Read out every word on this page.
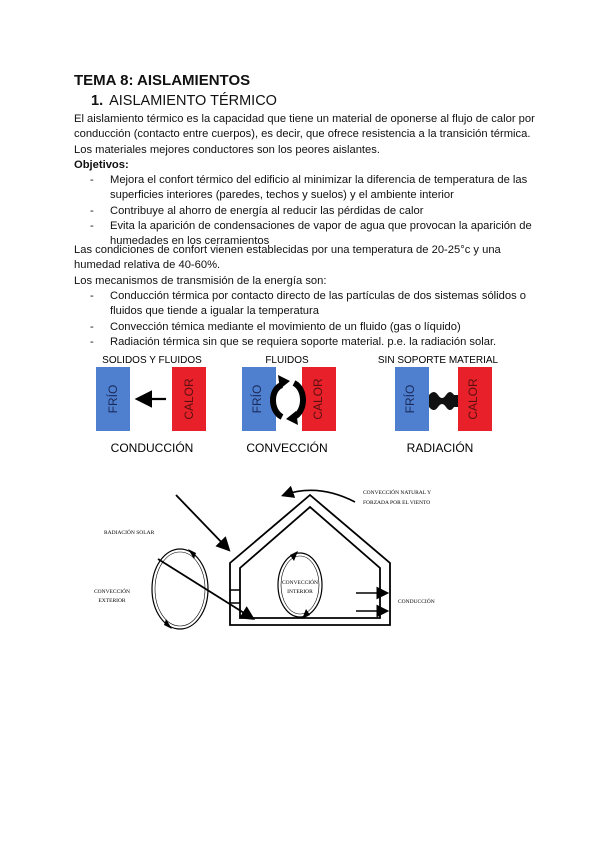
TEMA 8: AISLAMIENTOS
1. AISLAMIENTO TÉRMICO
El aislamiento térmico es la capacidad que tiene un material de oponerse al flujo de calor por conducción (contacto entre cuerpos), es decir, que ofrece resistencia a la transición térmica. Los materiales mejores conductores son los peores aislantes.
Objetivos:
- Mejora el confort térmico del edificio al minimizar la diferencia de temperatura de las superficies interiores (paredes, techos y suelos) y el ambiente interior
- Contribuye al ahorro de energía al reducir las pérdidas de calor
- Evita la aparición de condensaciones de vapor de agua que provocan la aparición de humedades en los cerramientos
Las condiciones de confort vienen establecidas por una temperatura de 20-25°c y una humedad relativa de 40-60%.
Los mecanismos de transmisión de la energía son:
- Conducción térmica por contacto directo de las partículas de dos sistemas sólidos o fluidos que tiende a igualar la temperatura
- Convección témica mediante el movimiento de un fluido (gas o líquido)
- Radiación térmica sin que se requiera soporte material. p.e. la radiación solar.
SOLIDOS Y FLUIDOS
FRÍO	CALOR
CONDUCCIÓN
FLUIDOS
FRÍO	CALOR
CONVECCIÓN
SIN SOPORTE MATERIAL
FRÍO	CALOR
RADIACIÓN
RADIACIÓN SOLAR
CONVECCIÓN NATURAL Y
FORZADA POR EL VIENTO
CONVECCIÓN
EXTERIOR
CONVECCIÓN
INTERIOR
CONDUCCIÓN
